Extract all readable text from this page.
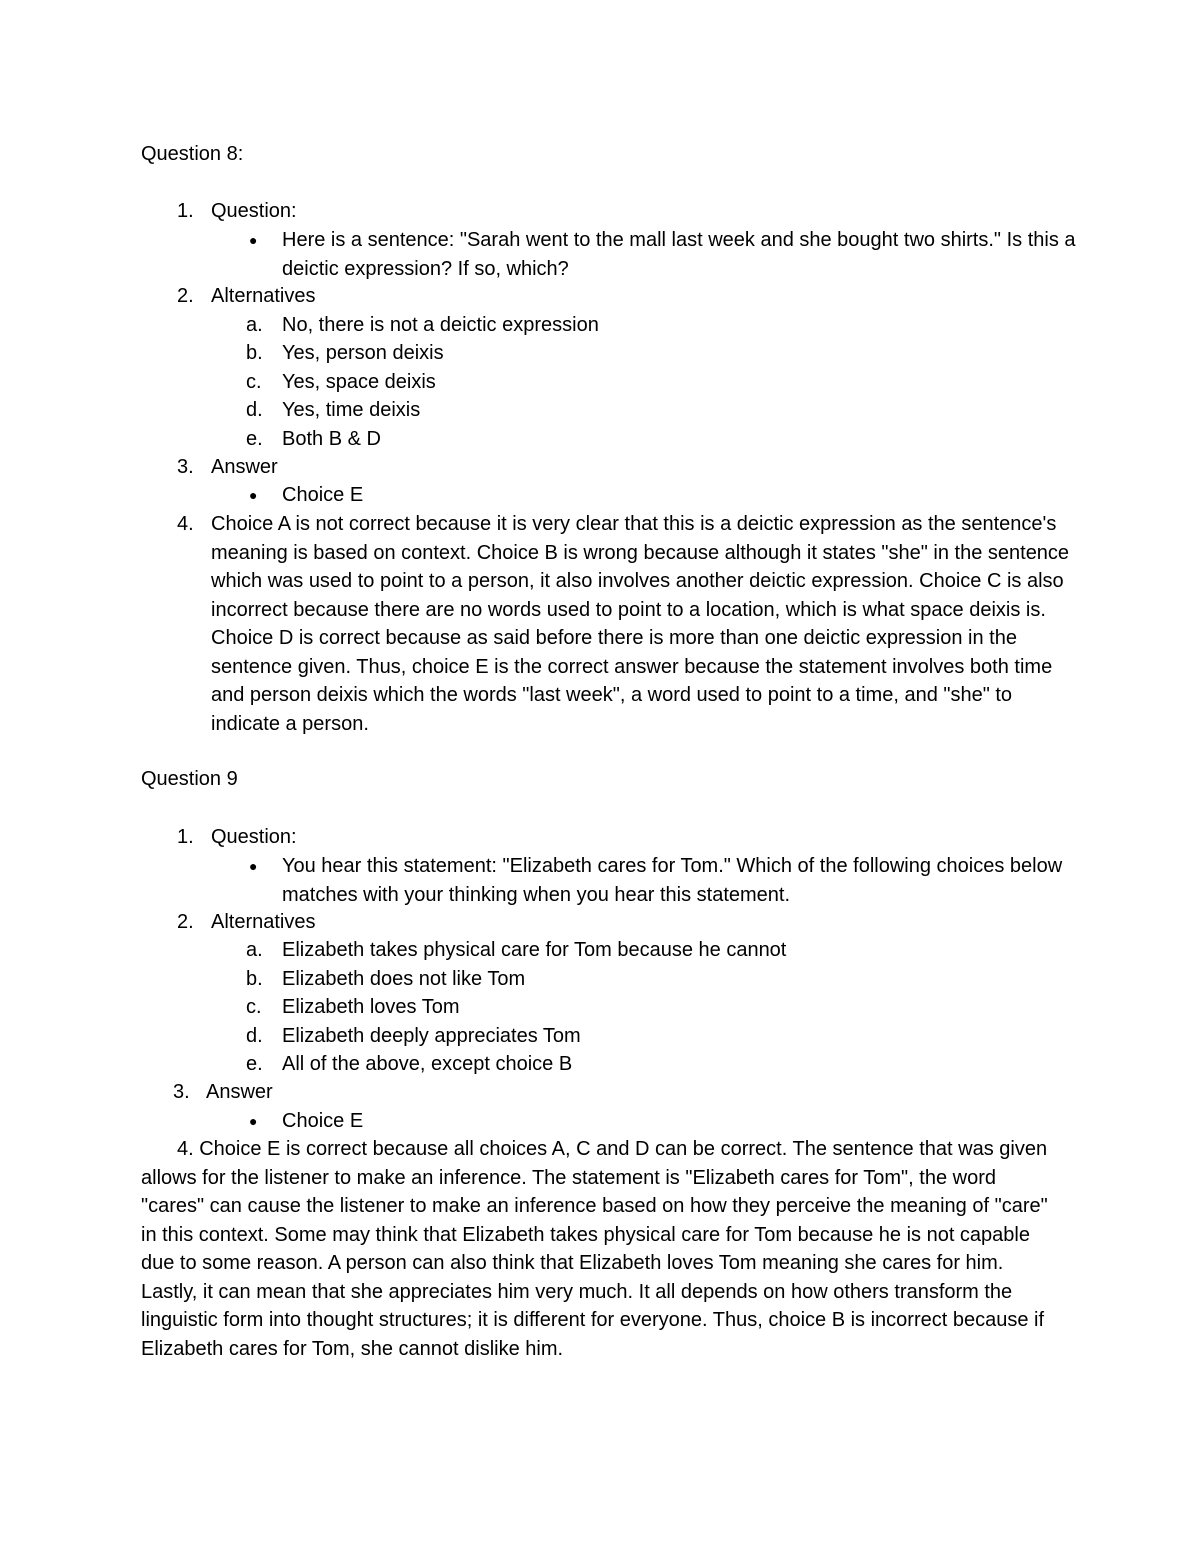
Question 8:
1. Question:
● Here is a sentence: "Sarah went to the mall last week and she bought two shirts." Is this a deictic expression? If so, which?
2. Alternatives
a. No, there is not a deictic expression
b. Yes, person deixis
c. Yes, space deixis
d. Yes, time deixis
e. Both B & D
3. Answer
● Choice E
4. Choice A is not correct because it is very clear that this is a deictic expression as the sentence's meaning is based on context. Choice B is wrong because although it states "she" in the sentence which was used to point to a person, it also involves another deictic expression. Choice C is also incorrect because there are no words used to point to a location, which is what space deixis is. Choice D is correct because as said before there is more than one deictic expression in the sentence given. Thus, choice E is the correct answer because the statement involves both time and person deixis which the words "last week", a word used to point to a time, and "she" to indicate a person.
Question 9
1. Question:
● You hear this statement: "Elizabeth cares for Tom." Which of the following choices below matches with your thinking when you hear this statement.
2. Alternatives
a. Elizabeth takes physical care for Tom because he cannot
b. Elizabeth does not like Tom
c. Elizabeth loves Tom
d. Elizabeth deeply appreciates Tom
e. All of the above, except choice B
3. Answer
● Choice E
4. Choice E is correct because all choices A, C and D can be correct. The sentence that was given allows for the listener to make an inference. The statement is "Elizabeth cares for Tom", the word "cares" can cause the listener to make an inference based on how they perceive the meaning of "care" in this context. Some may think that Elizabeth takes physical care for Tom because he is not capable due to some reason. A person can also think that Elizabeth loves Tom meaning she cares for him. Lastly, it can mean that she appreciates him very much. It all depends on how others transform the linguistic form into thought structures; it is different for everyone. Thus, choice B is incorrect because if Elizabeth cares for Tom, she cannot dislike him.
